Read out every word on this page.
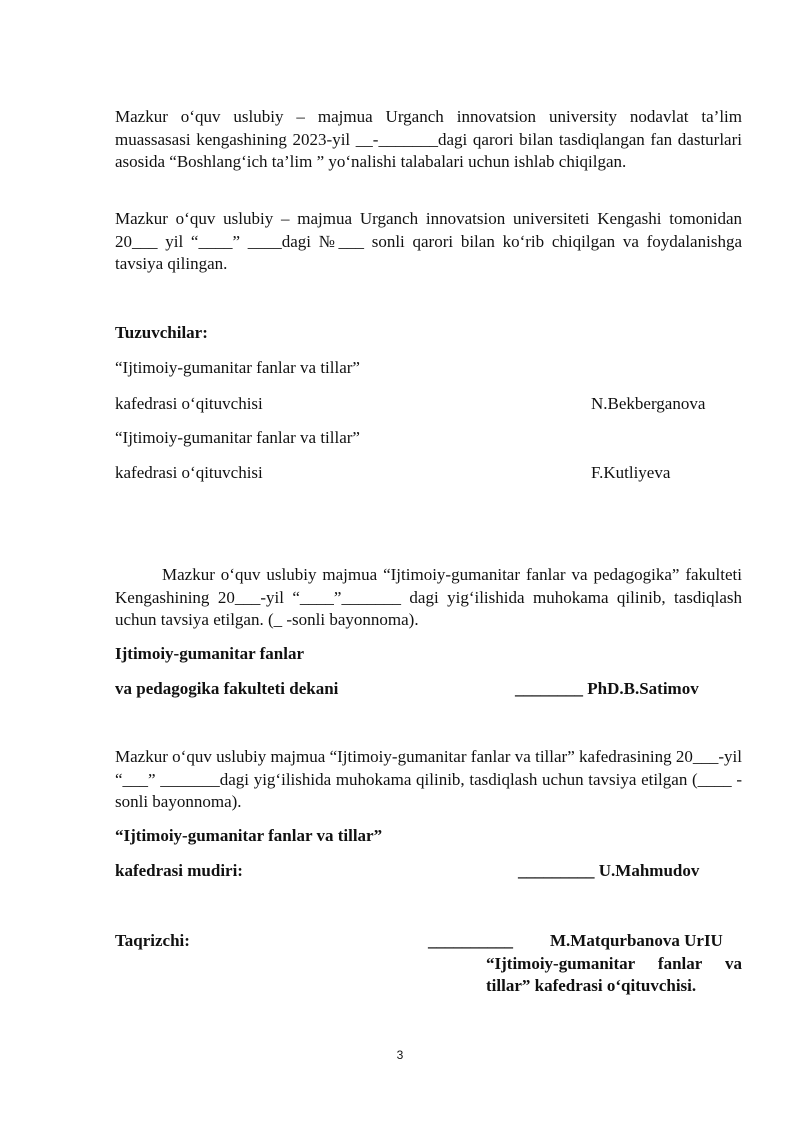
Mazkur o‘quv uslubiy – majmua Urganch innovatsion university nodavlat ta’lim muassasasi kengashining 2023-yil __-_______dagi qarori bilan tasdiqlangan fan dasturlari asosida “Boshlang‘ich ta’lim ” yo‘nalishi talabalari uchun ishlab chiqilgan.

Mazkur o‘quv uslubiy – majmua Urganch innovatsion universiteti Kengashi tomonidan 20___ yil “____” ____dagi №___ sonli qarori bilan ko‘rib chiqilgan va foydalanishga tavsiya qilingan.

Tuzuvchilar:
“Ijtimoiy-gumanitar fanlar va tillar”
kafedrasi o‘qituvchisi	N.Bekberganova
“Ijtimoiy-gumanitar fanlar va tillar”
kafedrasi o‘qituvchisi	F.Kutliyeva

Mazkur o‘quv uslubiy majmua “Ijtimoiy-gumanitar fanlar va pedagogika” fakulteti Kengashining 20___-yil “____”_______ dagi yig‘ilishida muhokama qilinib, tasdiqlash uchun tavsiya etilgan. (_ -sonli bayonnoma).

Ijtimoiy-gumanitar fanlar
va pedagogika fakulteti dekani	________ PhD.B.Satimov

Mazkur o‘quv uslubiy majmua “Ijtimoiy-gumanitar fanlar va tillar” kafedrasining 20___-yil “___” _______dagi yig‘ilishida muhokama qilinib, tasdiqlash uchun tavsiya etilgan (____ -sonli bayonnoma).

“Ijtimoiy-gumanitar fanlar va tillar”
kafedrasi mudiri:	_________ U.Mahmudov
Taqrizchi:	__________ M.Matqurbanova UrIU
“Ijtimoiy-gumanitar fanlar va tillar” kafedrasi o‘qituvchisi.
3
